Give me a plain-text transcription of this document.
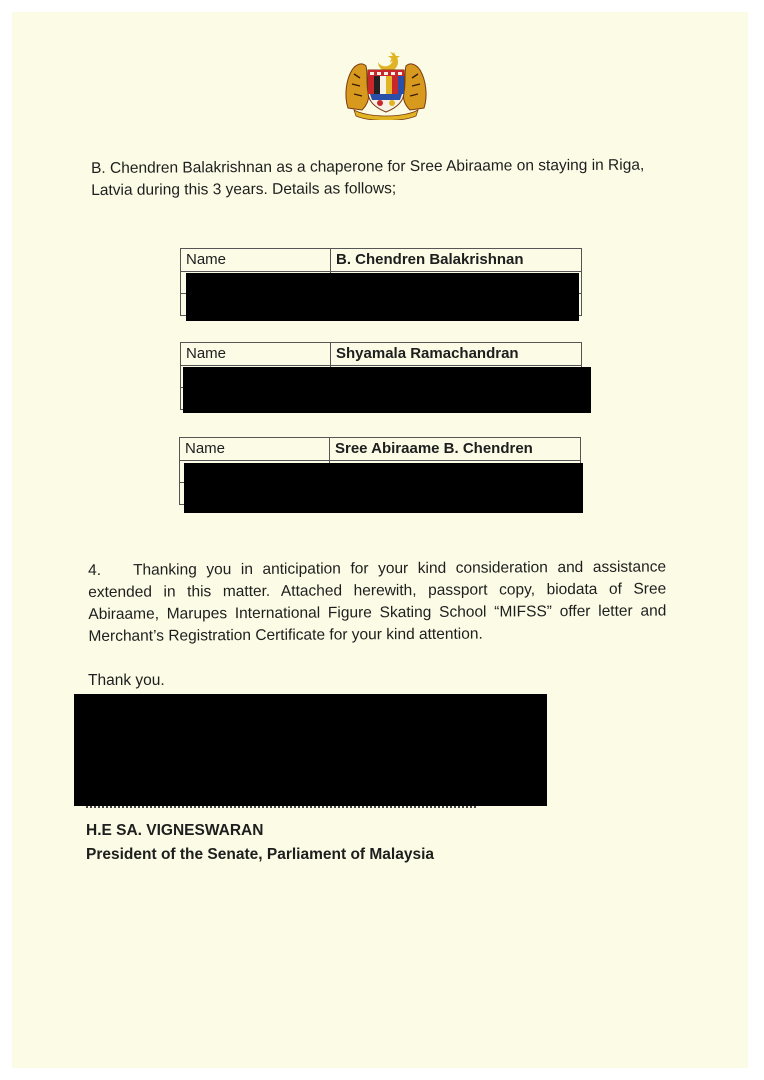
B. Chendren Balakrishnan as a chaperone for Sree Abiraame on staying in Riga, Latvia during this 3 years. Details as follows;

Name	B. Chendren Balakrishnan

Name	Shyamala Ramachandran

Name	Sree Abiraame B. Chendren

4. Thanking you in anticipation for your kind consideration and assistance extended in this matter. Attached herewith, passport copy, biodata of Sree Abiraame, Marupes International Figure Skating School “MIFSS” offer letter and Merchant’s Registration Certificate for your kind attention.

Thank you.

H.E SA. VIGNESWARAN
President of the Senate, Parliament of Malaysia
